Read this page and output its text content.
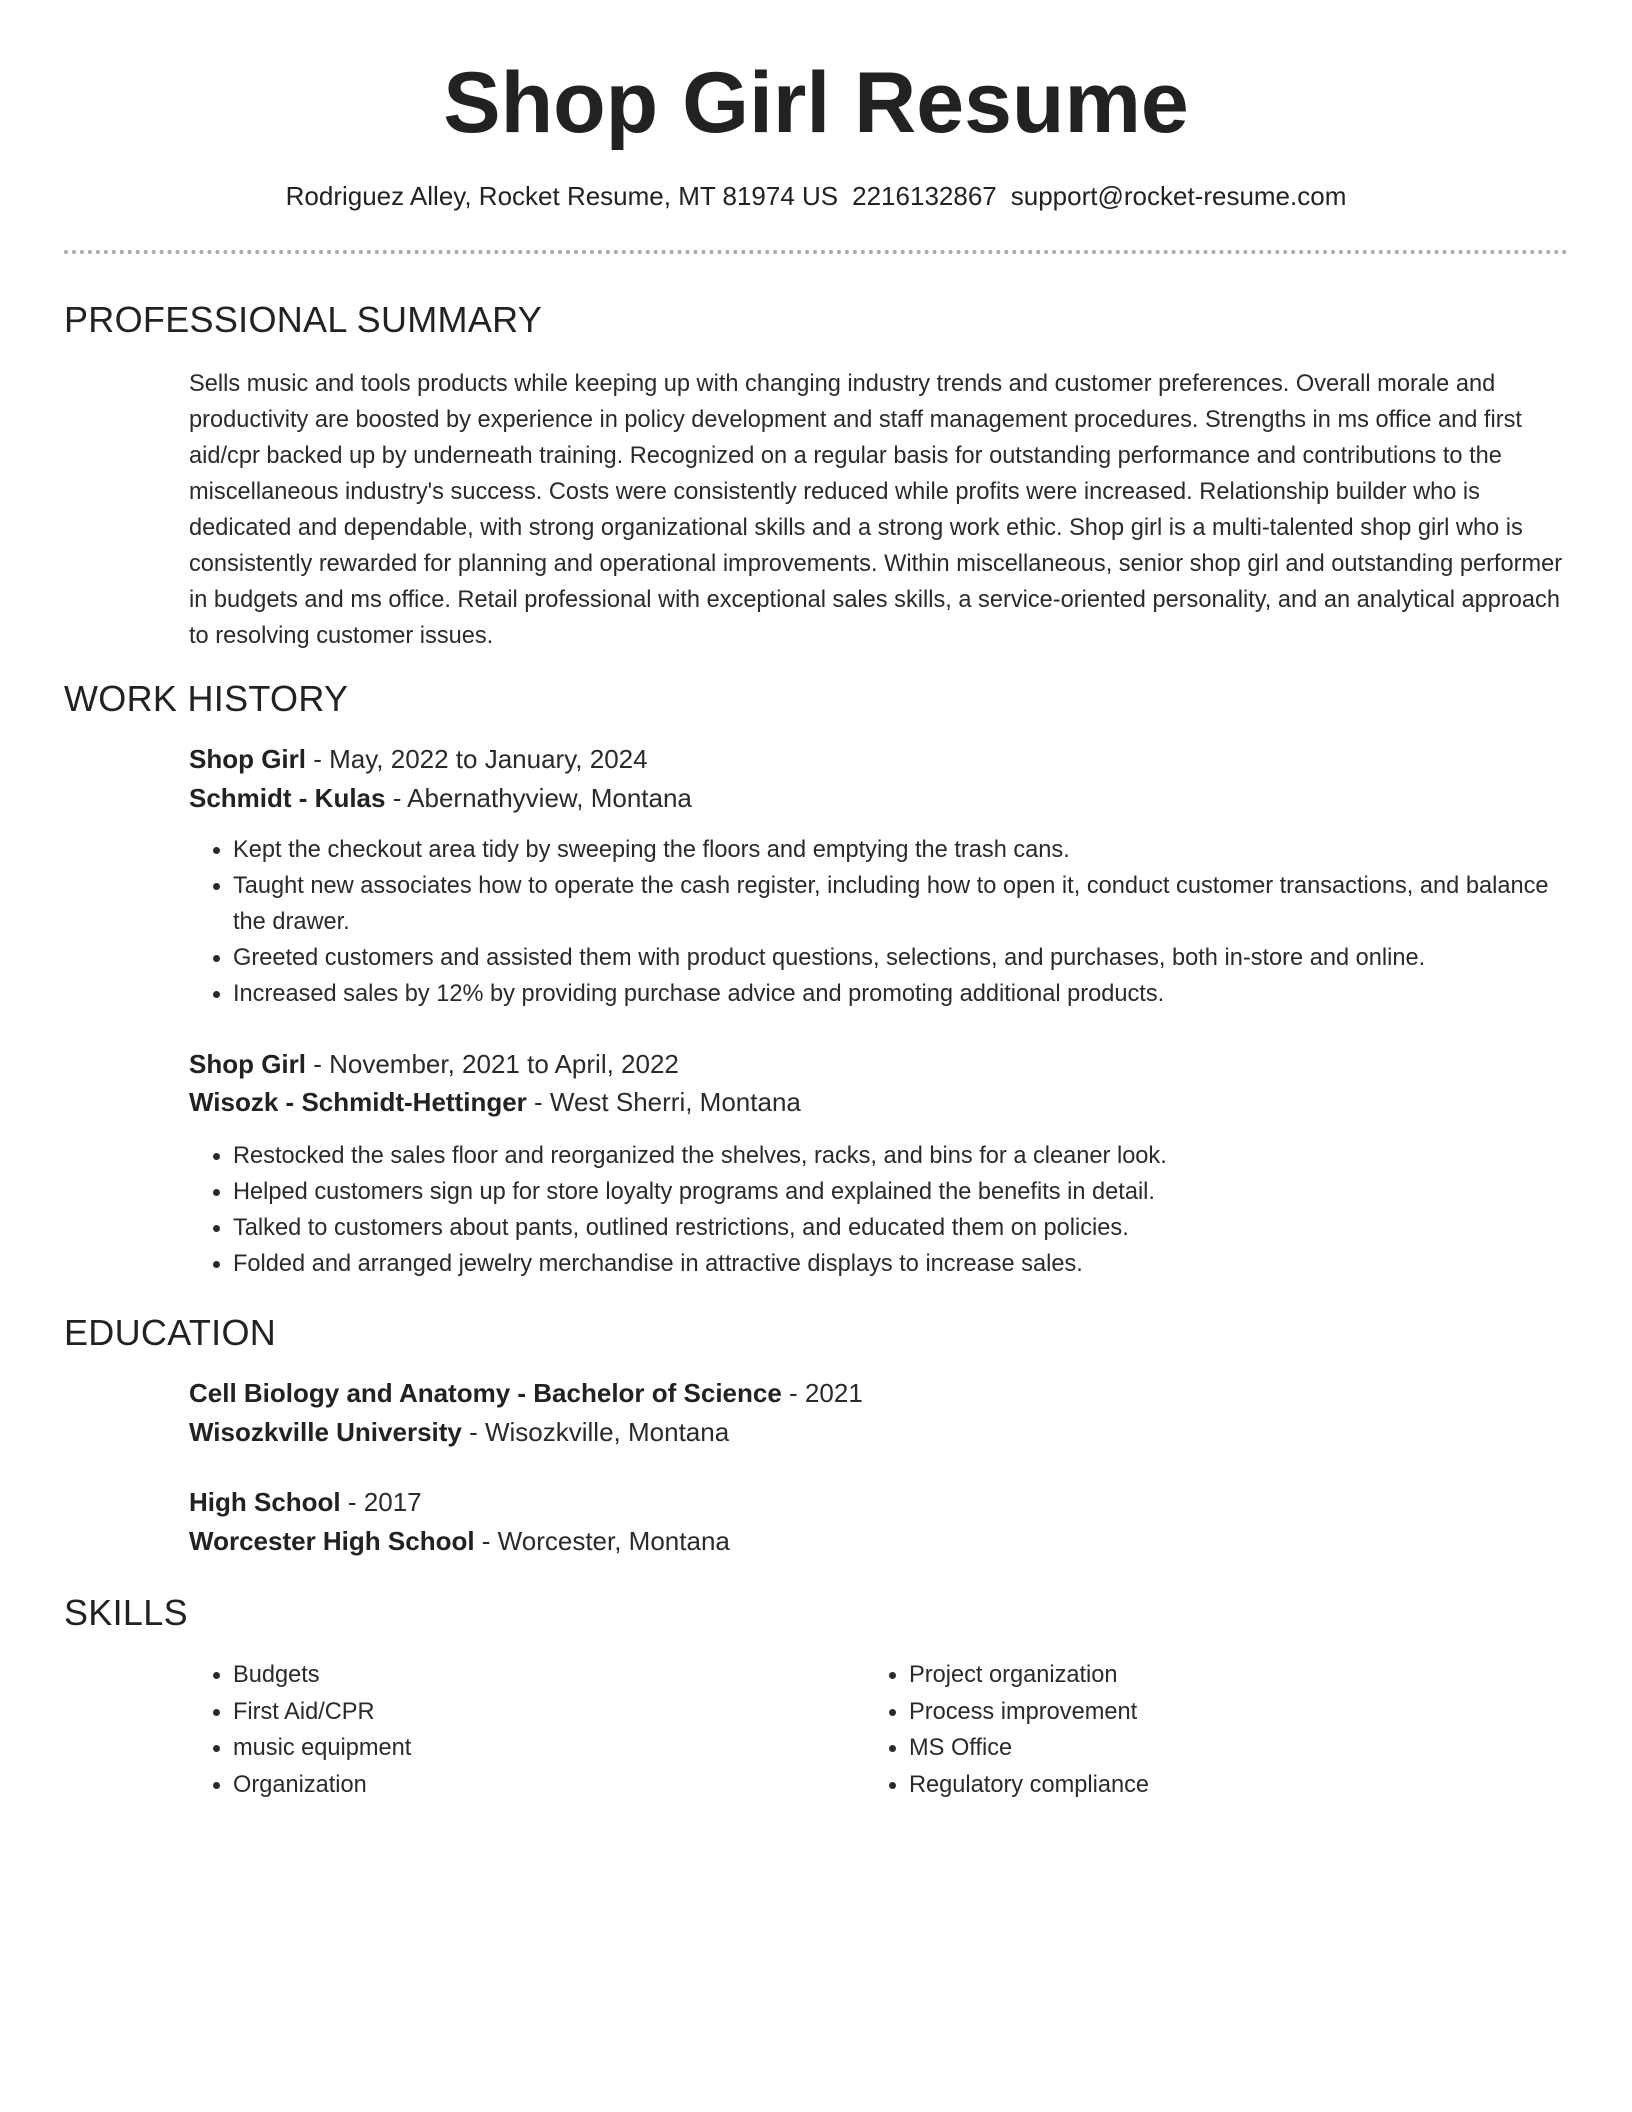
Shop Girl Resume
Rodriguez Alley, Rocket Resume, MT 81974 US 2216132867 support@rocket-resume.com
PROFESSIONAL SUMMARY

Sells music and tools products while keeping up with changing industry trends and customer preferences. Overall morale and productivity are boosted by experience in policy development and staff management procedures. Strengths in ms office and first aid/cpr backed up by underneath training. Recognized on a regular basis for outstanding performance and contributions to the miscellaneous industry's success. Costs were consistently reduced while profits were increased. Relationship builder who is dedicated and dependable, with strong organizational skills and a strong work ethic. Shop girl is a multi-talented shop girl who is consistently rewarded for planning and operational improvements. Within miscellaneous, senior shop girl and outstanding performer in budgets and ms office. Retail professional with exceptional sales skills, a service-oriented personality, and an analytical approach to resolving customer issues.

WORK HISTORY
Shop Girl - May, 2022 to January, 2024
Schmidt - Kulas - Abernathyview, Montana
• Kept the checkout area tidy by sweeping the floors and emptying the trash cans.
• Taught new associates how to operate the cash register, including how to open it, conduct customer transactions, and balance the drawer.
• Greeted customers and assisted them with product questions, selections, and purchases, both in-store and online.
• Increased sales by 12% by providing purchase advice and promoting additional products.
Shop Girl - November, 2021 to April, 2022
Wisozk - Schmidt-Hettinger - West Sherri, Montana
• Restocked the sales floor and reorganized the shelves, racks, and bins for a cleaner look.
• Helped customers sign up for store loyalty programs and explained the benefits in detail.
• Talked to customers about pants, outlined restrictions, and educated them on policies.
• Folded and arranged jewelry merchandise in attractive displays to increase sales.
EDUCATION
Cell Biology and Anatomy - Bachelor of Science - 2021
Wisozkville University - Wisozkville, Montana
High School - 2017
Worcester High School - Worcester, Montana
SKILLS
• Budgets
• First Aid/CPR
• music equipment
• Organization
• Project organization
• Process improvement
• MS Office
• Regulatory compliance
